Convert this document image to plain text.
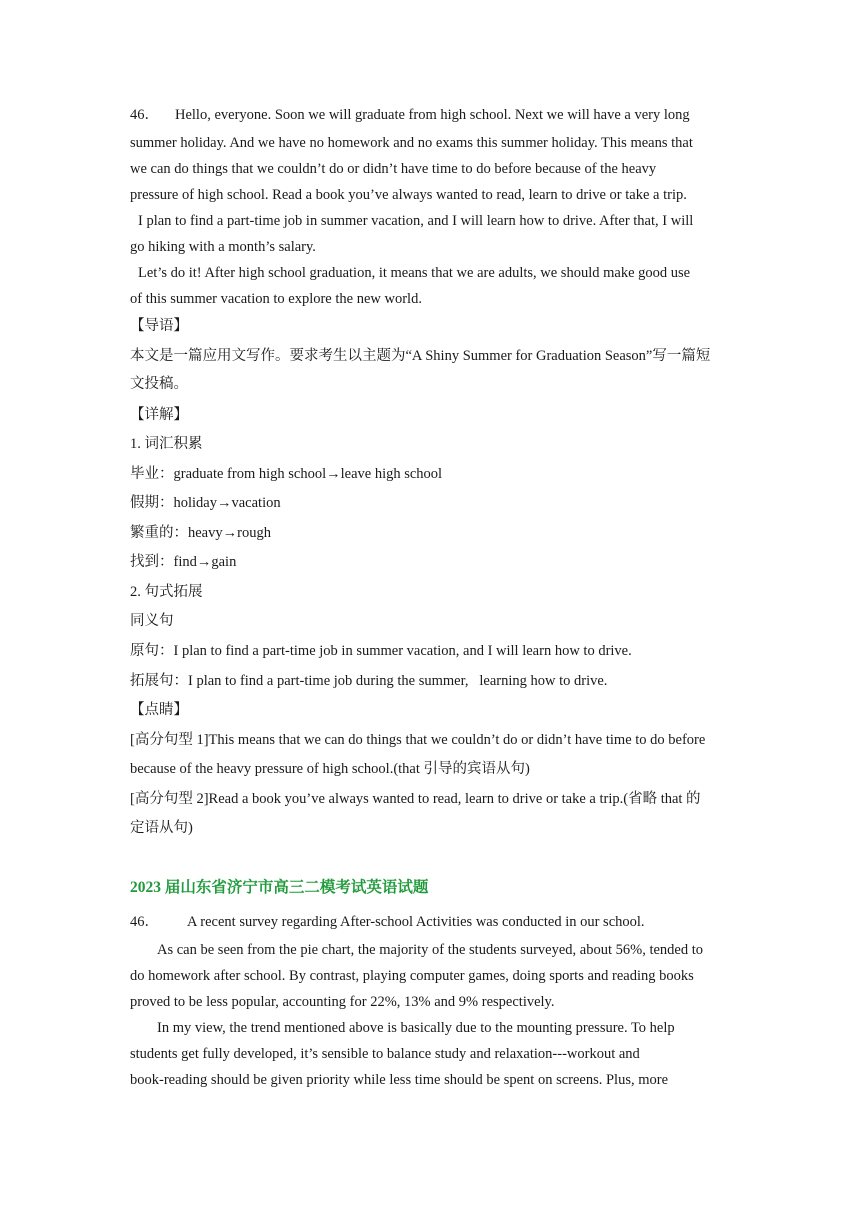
46． Hello, everyone. Soon we will graduate from high school. Next we will have a very long
summer holiday. And we have no homework and no exams this summer holiday. This means that
we can do things that we couldn’t do or didn’t have time to do before because of the heavy
pressure of high school. Read a book you’ve always wanted to read, learn to drive or take a trip.
I plan to find a part-time job in summer vacation, and I will learn how to drive. After that, I will
go hiking with a month’s salary.
Let’s do it! After high school graduation, it means that we are adults, we should make good use
of this summer vacation to explore the new world.
【导语】
本文是一篇应用文写作。要求考生以主题为“A Shiny Summer for Graduation Season”写一篇短
文投稿。
【详解】
1. 词汇积累
毕业：graduate from high school→leave high school
假期：holiday→vacation
繁重的：heavy→rough
找到：find→gain
2. 句式拓展
同义句
原句：I plan to find a part-time job in summer vacation, and I will learn how to drive.
拓展句：I plan to find a part-time job during the summer,   learning how to drive.
【点睛】
[高分句型 1]This means that we can do things that we couldn’t do or didn’t have time to do before
because of the heavy pressure of high school.(that 引导的宾语从句)
[高分句型 2]Read a book you’ve always wanted to read, learn to drive or take a trip.(省略 that 的
定语从句)
2023 届山东省济宁市高三二模考试英语试题
46． A recent survey regarding After-school Activities was conducted in our school.
As can be seen from the pie chart, the majority of the students surveyed, about 56%, tended to
do homework after school. By contrast, playing computer games, doing sports and reading books
proved to be less popular, accounting for 22%, 13% and 9% respectively.
In my view, the trend mentioned above is basically due to the mounting pressure. To help
students get fully developed, it’s sensible to balance study and relaxation---workout and
book-reading should be given priority while less time should be spent on screens. Plus, more
